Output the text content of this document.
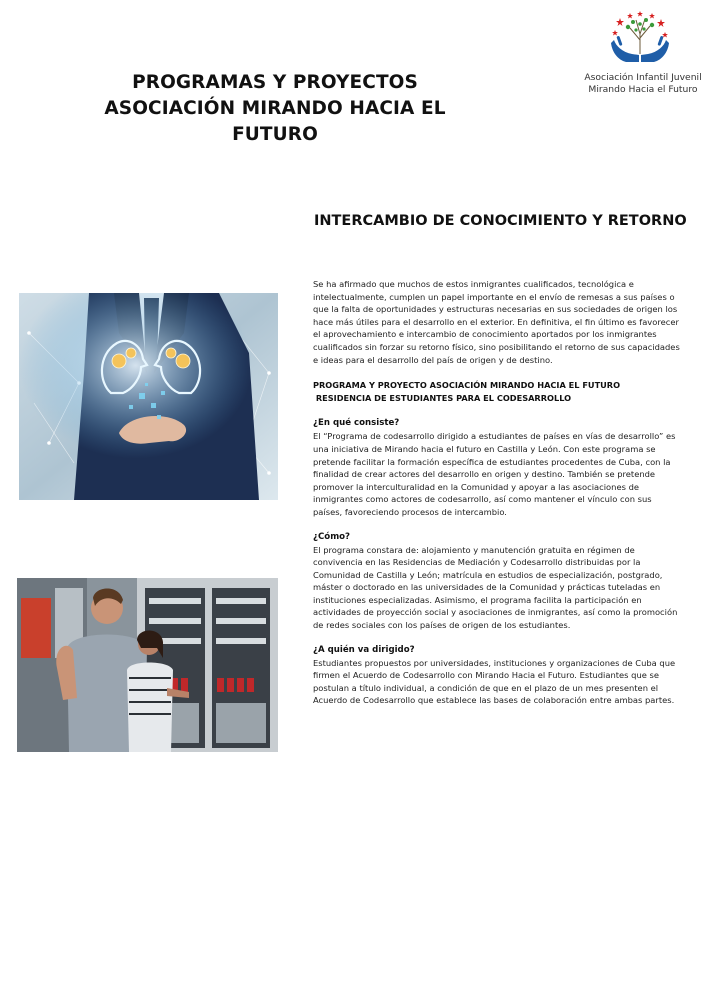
PROGRAMAS Y PROYECTOS
ASOCIACIÓN MIRANDO HACIA EL FUTURO
Asociación Infantil Juvenil
Mirando Hacia el Futuro
INTERCAMBIO DE CONOCIMIENTO Y RETORNO

Se ha afirmado que muchos de estos inmigrantes cualificados, tecnológica e intelectualmente, cumplen un papel importante en el envío de remesas a sus países o que la falta de oportunidades y estructuras necesarias en sus sociedades de origen los hace más útiles para el desarrollo en el exterior. En definitiva, el fin último es favorecer el aprovechamiento e intercambio de conocimiento aportados por los inmigrantes cualificados sin forzar su retorno físico, sino posibilitando el retorno de sus capacidades e ideas para el desarrollo del país de origen y de destino.

PROGRAMA Y PROYECTO ASOCIACIÓN MIRANDO HACIA EL FUTURO
RESIDENCIA DE ESTUDIANTES PARA EL CODESARROLLO

¿En qué consiste?

El “Programa de codesarrollo dirigido a estudiantes de países en vías de desarrollo” es una iniciativa de Mirando hacia el futuro en Castilla y León. Con este programa se pretende facilitar la formación específica de estudiantes procedentes de Cuba, con la finalidad de crear actores del desarrollo en origen y destino. También se pretende promover la interculturalidad en la Comunidad y apoyar a las asociaciones de inmigrantes como actores de codesarrollo, así como mantener el vínculo con sus países, favoreciendo procesos de intercambio.

¿Cómo?

El programa constara de: alojamiento y manutención gratuita en régimen de convivencia en las Residencias de Mediación y Codesarrollo distribuidas por la Comunidad de Castilla y León; matrícula en estudios de especialización, postgrado, máster o doctorado en las universidades de la Comunidad y prácticas tuteladas en instituciones especializadas. Asimismo, el programa facilita la participación en actividades de proyección social y asociaciones de inmigrantes, así como la promoción de redes sociales con los países de origen de los estudiantes.

¿A quién va dirigido?

Estudiantes propuestos por universidades, instituciones y organizaciones de Cuba que firmen el Acuerdo de Codesarrollo con Mirando Hacia el Futuro. Estudiantes que se postulan a título individual, a condición de que en el plazo de un mes presenten el Acuerdo de Codesarrollo que establece las bases de colaboración entre ambas partes.
